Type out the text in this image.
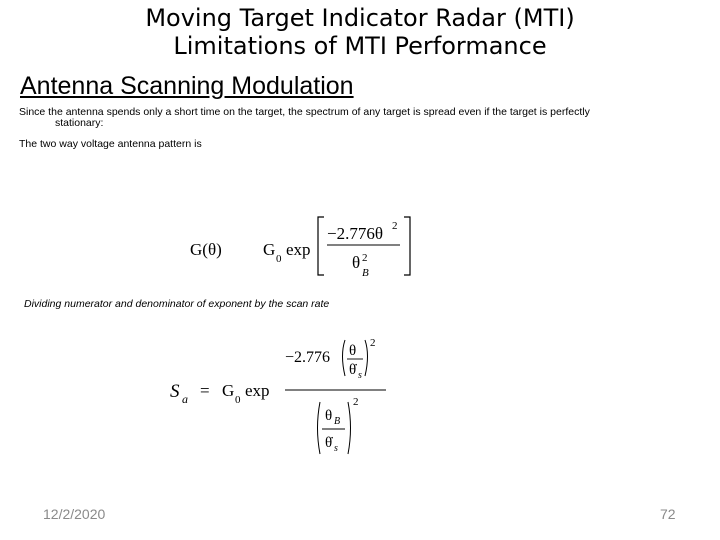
Moving Target Indicator Radar (MTI)
Limitations of MTI Performance
Antenna Scanning Modulation
Since the antenna spends only a short time on the target, the spectrum of any target is spread even if the target is perfectly
stationary:
The two way voltage antenna pattern is
G(θ) G 0 exp
−2.776θ 2
θ 2
B
Dividing numerator and denominator of exponent by the scan rate
S a = G 0 exp
−2.776 θ
θ̇ s
2
θ B
θ̇ s
2
12/2/2020	72
